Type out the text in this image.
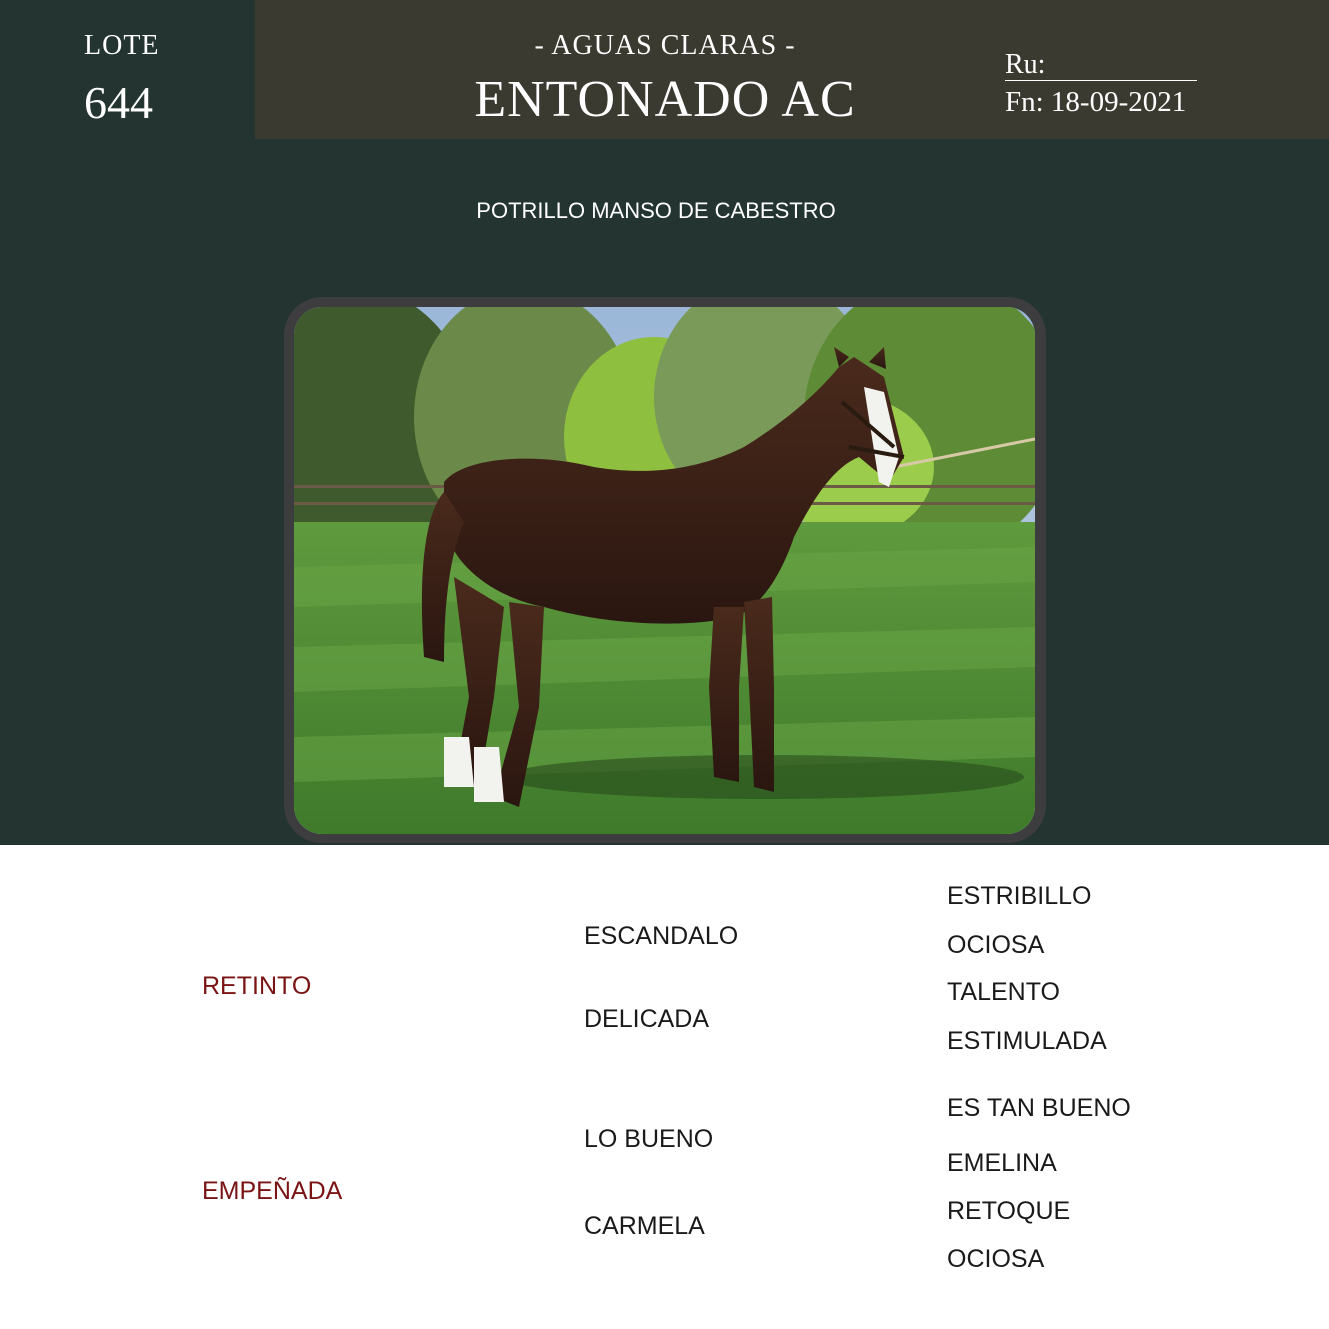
LOTE
644
- AGUAS CLARAS -
ENTONADO AC
Ru:
Fn: 18-09-2021
POTRILLO MANSO DE CABESTRO
RETINTO
EMPEÑADA
ESCANDALO
DELICADA
LO BUENO
CARMELA
ESTRIBILLO
OCIOSA
TALENTO
ESTIMULADA
ES TAN BUENO
EMELINA
RETOQUE
OCIOSA
